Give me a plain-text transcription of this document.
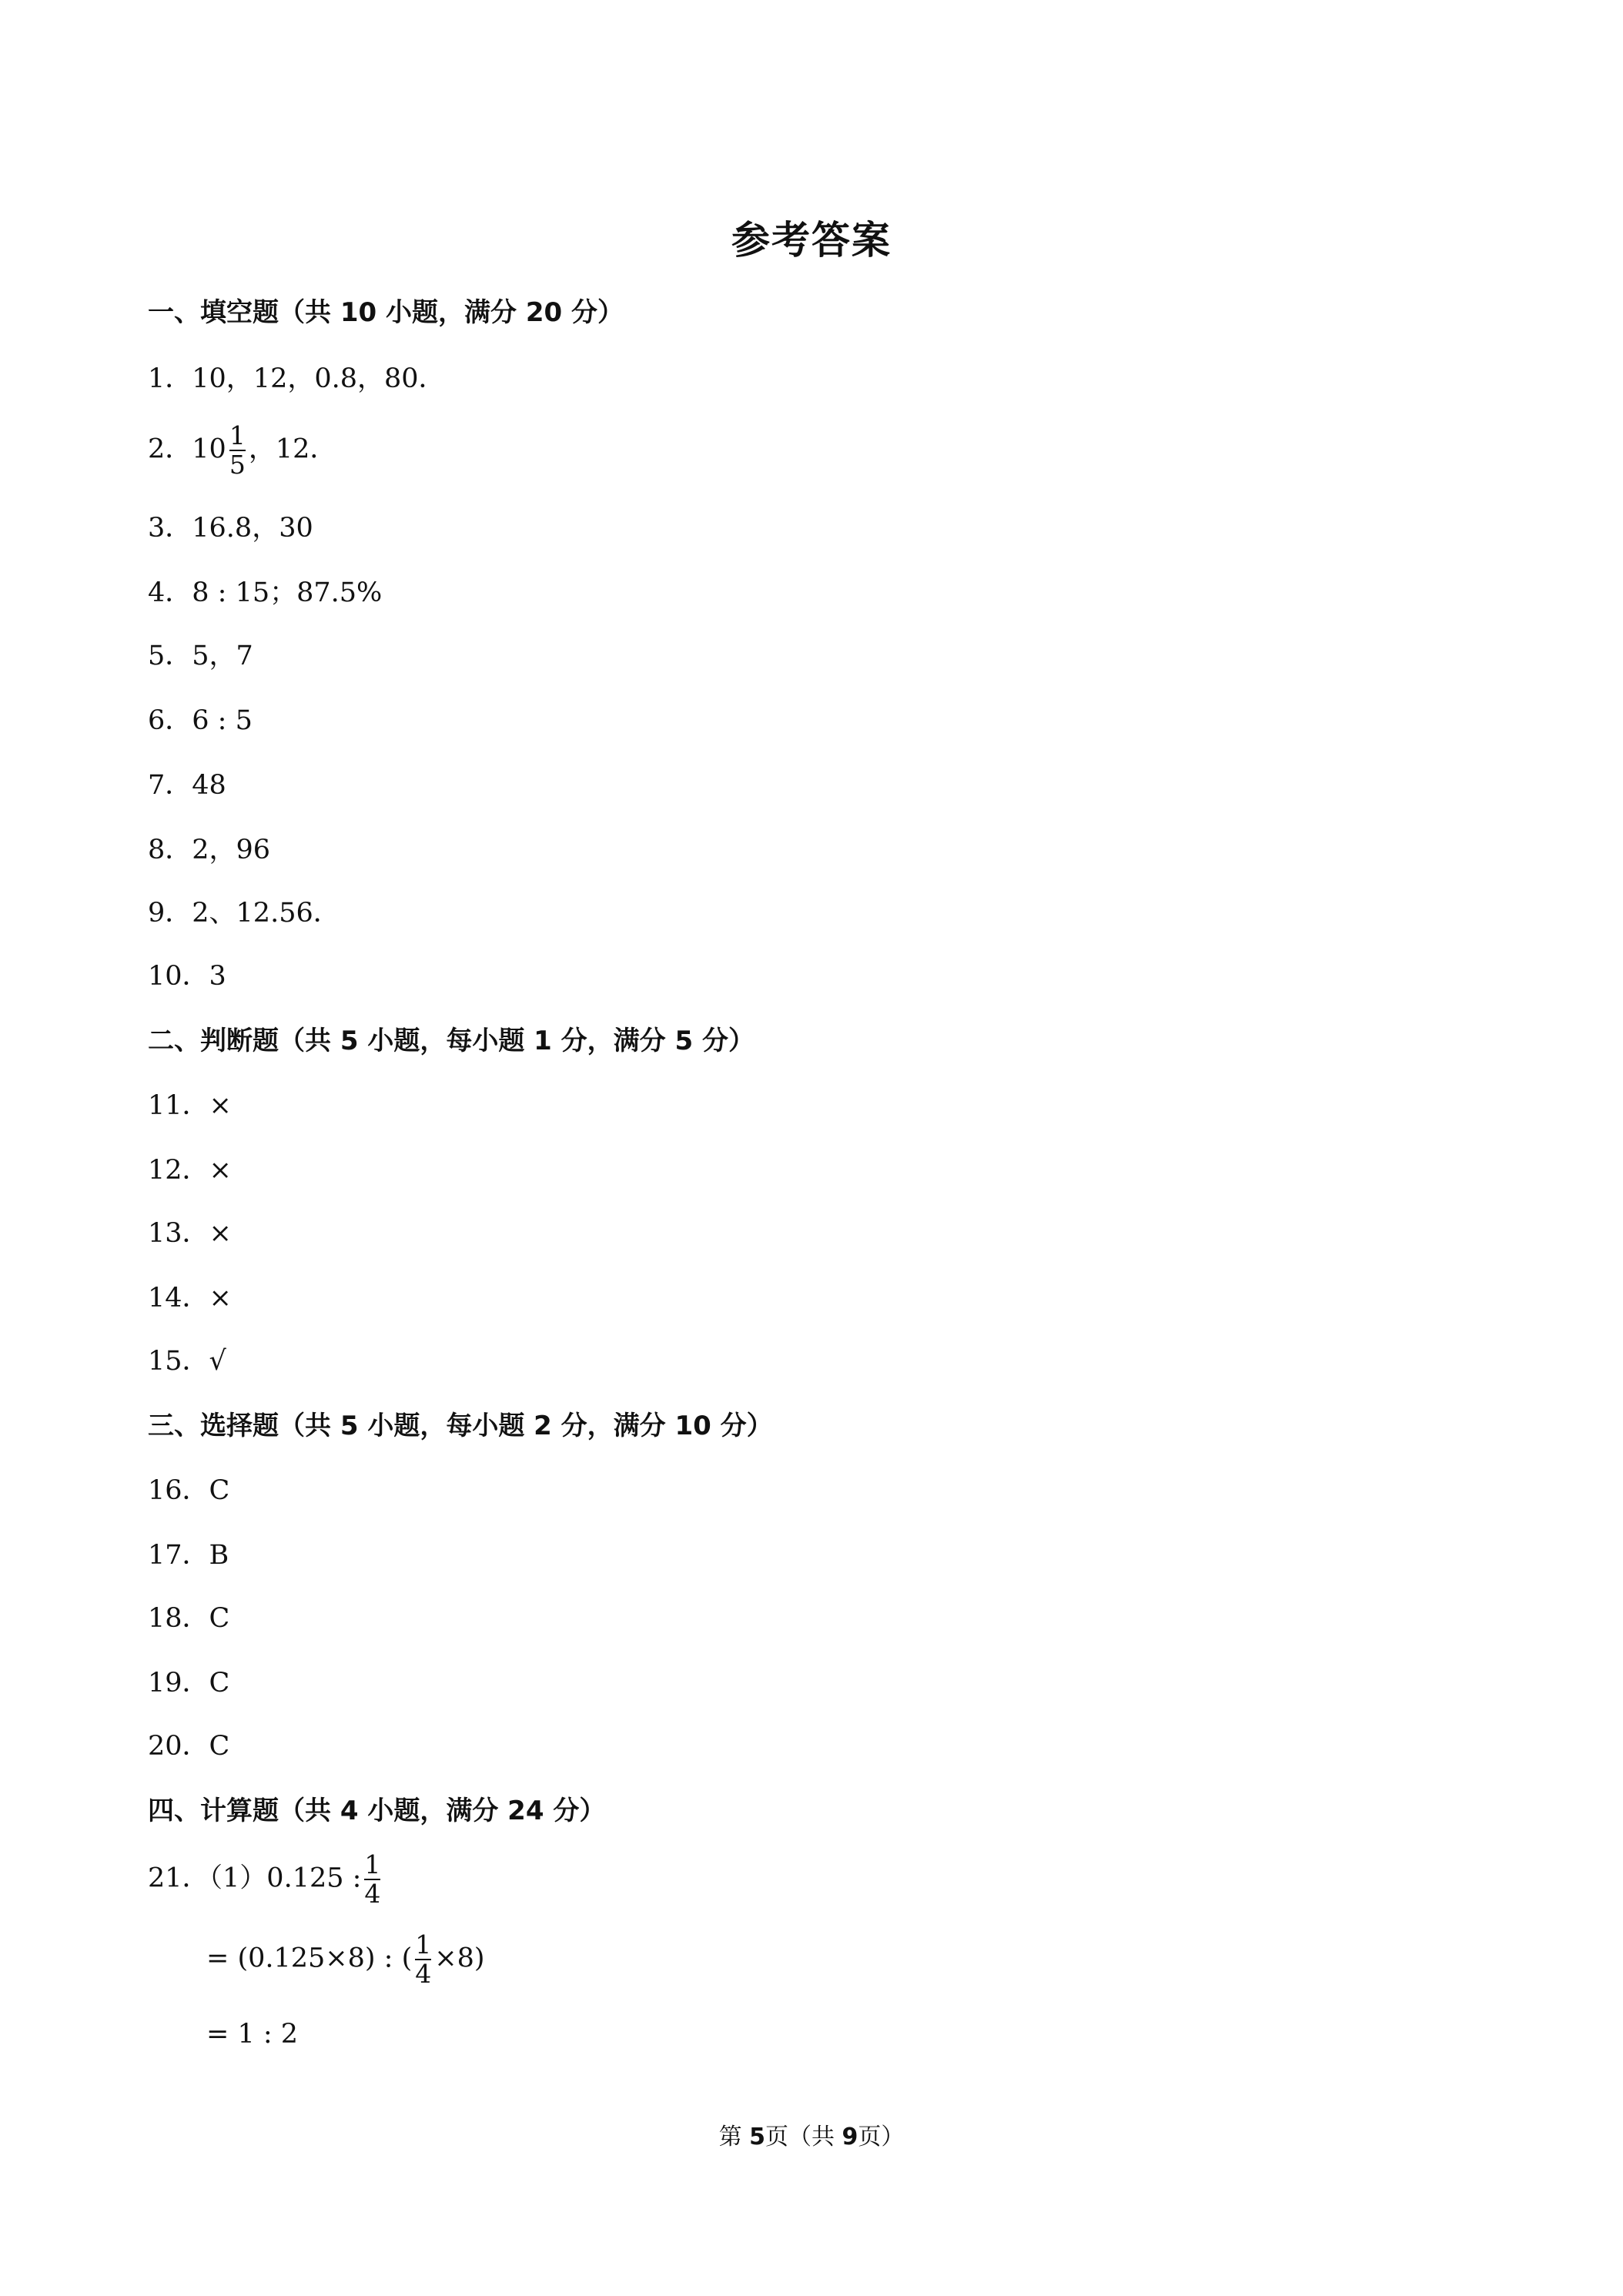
参考答案
一、填空题（共 10 小题，满分 20 分）
1．10，12，0.8，80．
2．$10 \frac{1}{5}$ ，12．
3．16.8，30
4．8 : 15；87.5%
5．5，7
6．6 : 5
7．48
8．2，96
9．2、12.56．
10．3
二、判断题（共 5 小题，每小题 1 分，满分 5 分）
11．×
12．×
13．×
14．×
15．√
三、选择题（共 5 小题，每小题 2 分，满分 10 分）
16．C
17．B
18．C
19．C
20．C
四、计算题（共 4 小题，满分 24 分）
21．（1）0.125 : $\frac{1}{4}$
= (0.125×8) : ( $\frac{1}{4} \times 8$)
= 1 : 2
第 5页（共 9页）
